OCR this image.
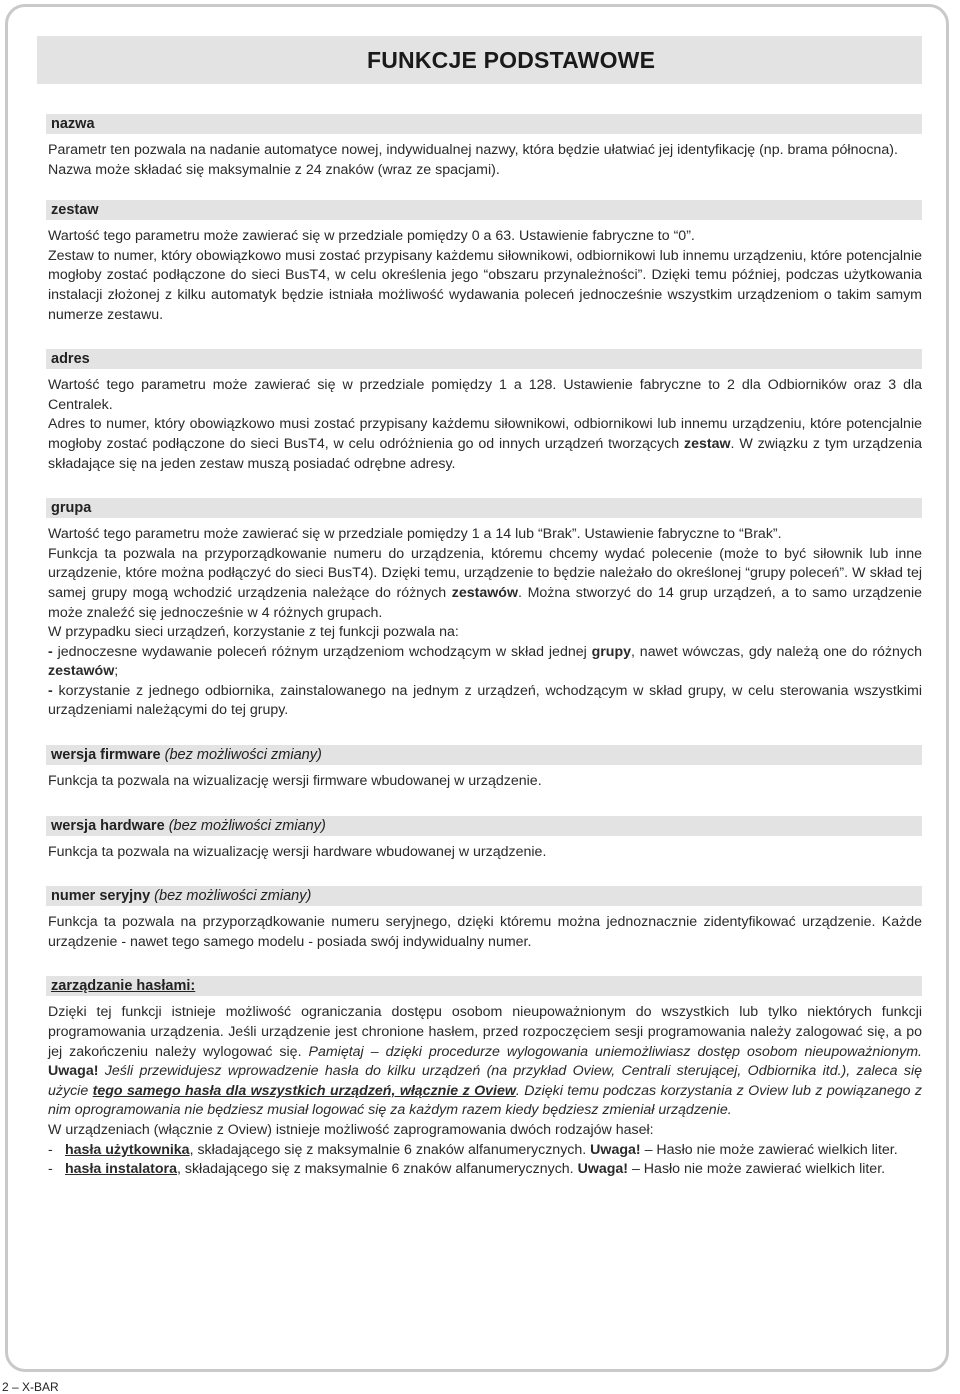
FUNKCJE PODSTAWOWE
nazwa

Parametr ten pozwala na nadanie automatyce nowej, indywidualnej nazwy, która będzie ułatwiać jej identyfikację (np. brama północna).

Nazwa może składać się maksymalnie z 24 znaków (wraz ze spacjami).

zestaw

Wartość tego parametru może zawierać się w przedziale pomiędzy 0 a 63. Ustawienie fabryczne to “0”.

Zestaw to numer, który obowiązkowo musi zostać przypisany każdemu siłownikowi, odbiornikowi lub innemu urządzeniu, które potencjalnie mogłoby zostać podłączone do sieci BusT4, w celu określenia jego “obszaru przynależności”. Dzięki temu później, podczas użytkowania instalacji złożonej z kilku automatyk będzie istniała możliwość wydawania poleceń jednocześnie wszystkim urządzeniom o takim samym numerze zestawu.

adres

Wartość tego parametru może zawierać się w przedziale pomiędzy 1 a 128. Ustawienie fabryczne to 2 dla Odbiorników oraz 3 dla Centralek.

Adres to numer, który obowiązkowo musi zostać przypisany każdemu siłownikowi, odbiornikowi lub innemu urządzeniu, które potencjalnie mogłoby zostać podłączone do sieci BusT4, w celu odróżnienia go od innych urządzeń tworzących zestaw. W związku z tym urządzenia składające się na jeden zestaw muszą posiadać odrębne adresy.

grupa

Wartość tego parametru może zawierać się w przedziale pomiędzy 1 a 14 lub “Brak”. Ustawienie fabryczne to “Brak”.

Funkcja ta pozwala na przyporządkowanie numeru do urządzenia, któremu chcemy wydać polecenie (może to być siłownik lub inne urządzenie, które można podłączyć do sieci BusT4). Dzięki temu, urządzenie to będzie należało do określonej “grupy poleceń”. W skład tej samej grupy mogą wchodzić urządzenia należące do różnych zestawów. Można stworzyć do 14 grup urządzeń, a to samo urządzenie może znaleźć się jednocześnie w 4 różnych grupach.

W przypadku sieci urządzeń, korzystanie z tej funkcji pozwala na:

- jednoczesne wydawanie poleceń różnym urządzeniom wchodzącym w skład jednej grupy, nawet wówczas, gdy należą one do różnych zestawów;

- korzystanie z jednego odbiornika, zainstalowanego na jednym z urządzeń, wchodzącym w skład grupy, w celu sterowania wszystkimi urządzeniami należącymi do tej grupy.

wersja firmware (bez możliwości zmiany)

Funkcja ta pozwala na wizualizację wersji firmware wbudowanej w urządzenie.

wersja hardware (bez możliwości zmiany)

Funkcja ta pozwala na wizualizację wersji hardware wbudowanej w urządzenie.

numer seryjny (bez możliwości zmiany)

Funkcja ta pozwala na przyporządkowanie numeru seryjnego, dzięki któremu można jednoznacznie zidentyfikować urządzenie. Każde urządzenie - nawet tego samego modelu - posiada swój indywidualny numer.

zarządzanie hasłami:

Dzięki tej funkcji istnieje możliwość ograniczania dostępu osobom nieupoważnionym do wszystkich lub tylko niektórych funkcji programowania urządzenia. Jeśli urządzenie jest chronione hasłem, przed rozpoczęciem sesji programowania należy zalogować się, a po jej zakończeniu należy wylogować się. Pamiętaj – dzięki procedurze wylogowania uniemożliwiasz dostęp osobom nieupoważnionym. Uwaga! Jeśli przewidujesz wprowadzenie hasła do kilku urządzeń (na przykład Oview, Centrali sterującej, Odbiornika itd.), zaleca się użycie tego samego hasła dla wszystkich urządzeń, włącznie z Oview. Dzięki temu podczas korzystania z Oview lub z powiązanego z nim oprogramowania nie będziesz musiał logować się za każdym razem kiedy będziesz zmieniał urządzenie.

W urządzeniach (włącznie z Oview) istnieje możliwość zaprogramowania dwóch rodzajów haseł:

- hasła użytkownika, składającego się z maksymalnie 6 znaków alfanumerycznych. Uwaga! – Hasło nie może zawierać wielkich liter.
- hasła instalatora, składającego się z maksymalnie 6 znaków alfanumerycznych. Uwaga! – Hasło nie może zawierać wielkich liter.
2 – X-BAR
